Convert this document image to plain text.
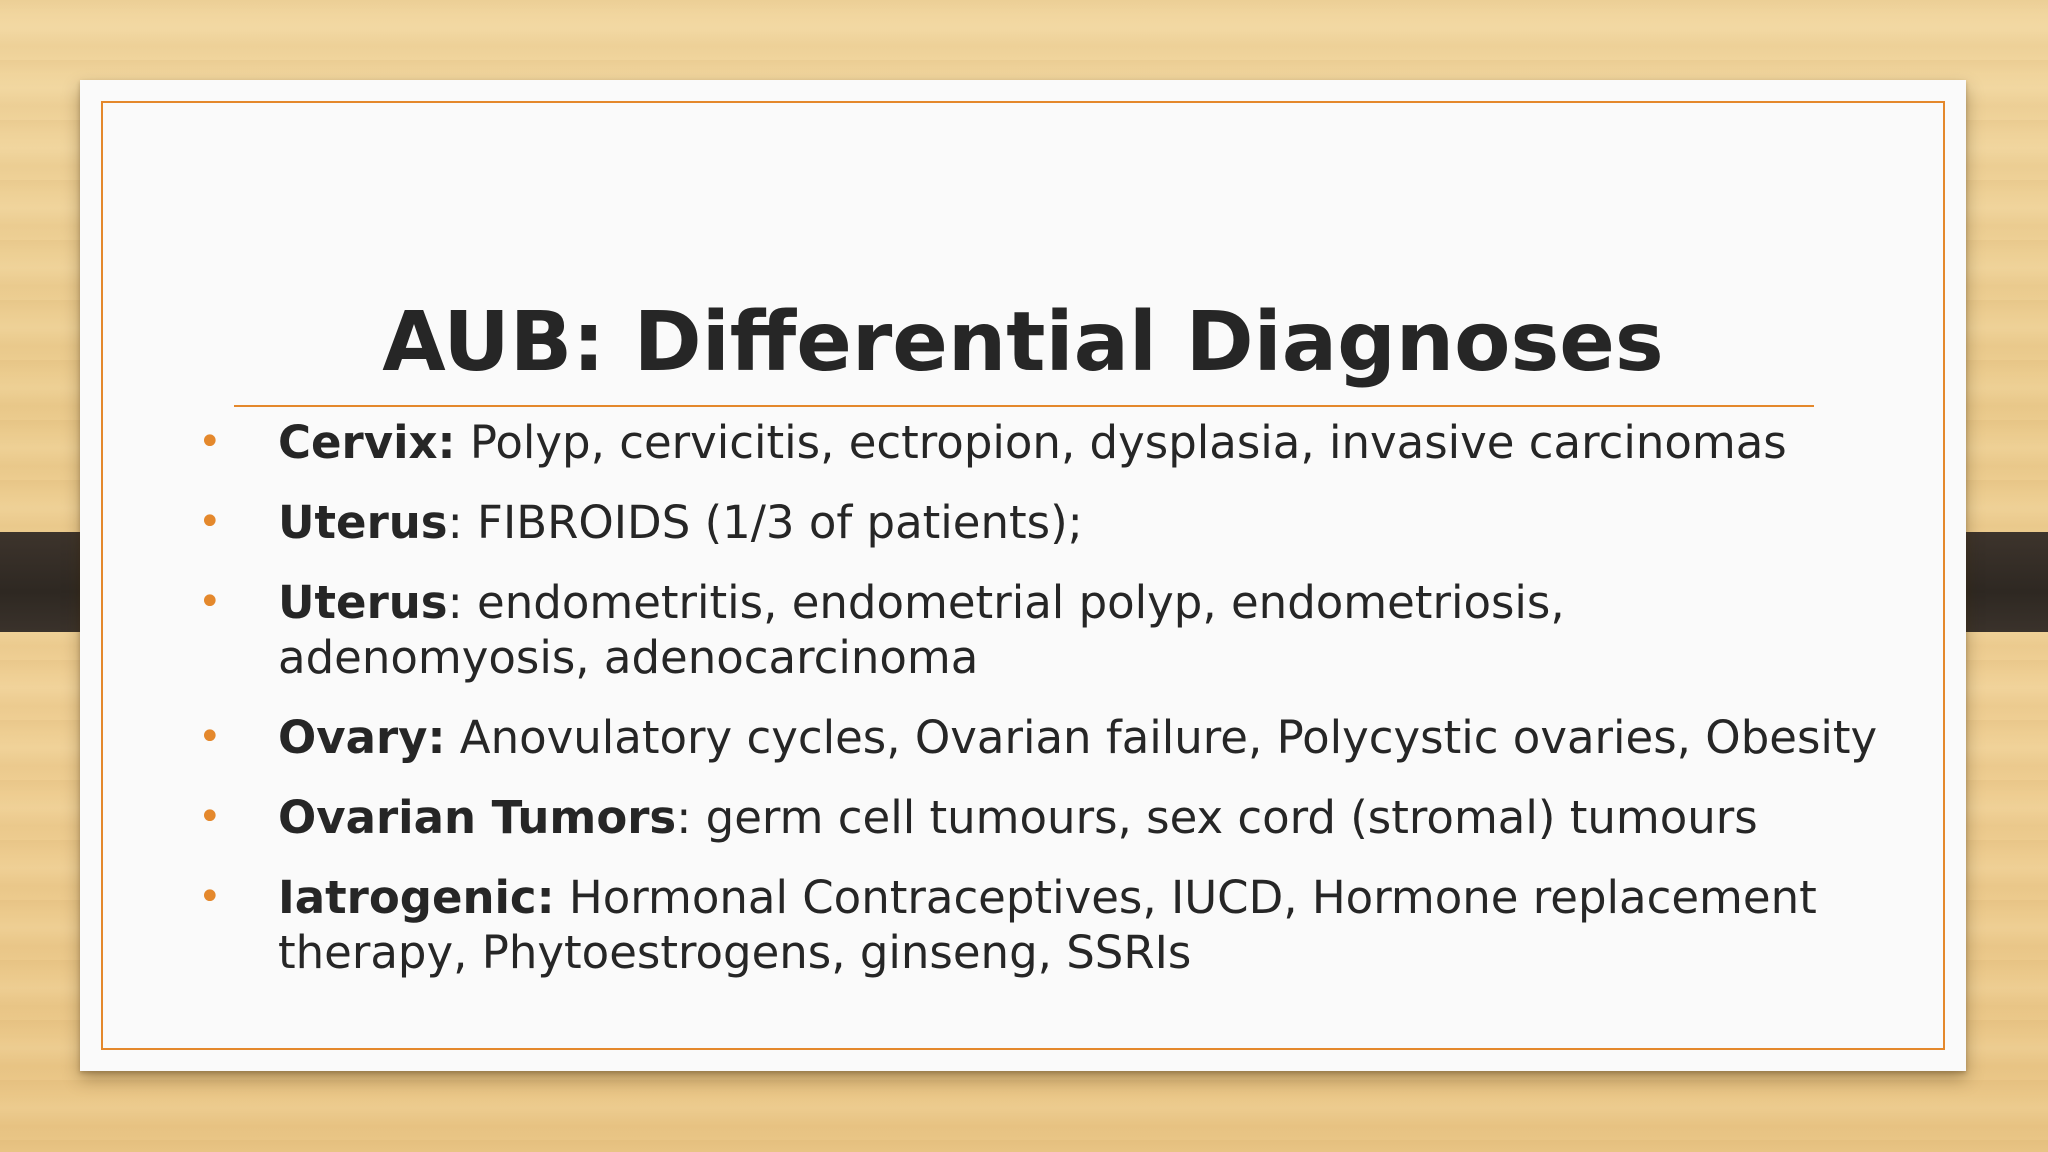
AUB: Differential Diagnoses
• Cervix: Polyp, cervicitis, ectropion, dysplasia, invasive carcinomas
• Uterus: FIBROIDS (1/3 of patients);
• Uterus: endometritis, endometrial polyp, endometriosis, adenomyosis, adenocarcinoma
• Ovary: Anovulatory cycles, Ovarian failure, Polycystic ovaries, Obesity
• Ovarian Tumors: germ cell tumours, sex cord (stromal) tumours
• Iatrogenic: Hormonal Contraceptives, IUCD, Hormone replacement therapy, Phytoestrogens, ginseng, SSRIs
